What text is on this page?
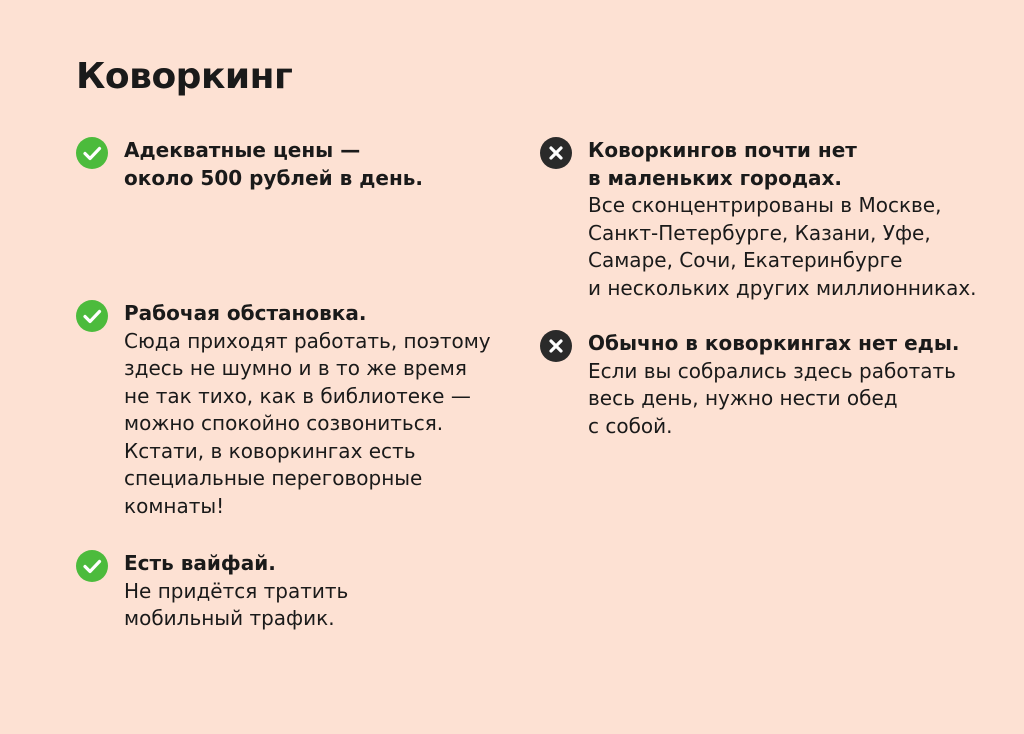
Коворкинг
Адекватные цены —
около 500 рублей в день.
Рабочая обстановка.
Сюда приходят работать, поэтому
здесь не шумно и в то же время
не так тихо, как в библиотеке —
можно спокойно созвониться.
Кстати, в коворкингах есть
специальные переговорные
комнаты!
Есть вайфай.
Не придётся тратить
мобильный трафик.
Коворкингов почти нет
в маленьких городах.
Все сконцентрированы в Москве,
Санкт-Петербурге, Казани, Уфе,
Самаре, Сочи, Екатеринбурге
и нескольких других миллионниках.
Обычно в коворкингах нет еды.
Если вы собрались здесь работать
весь день, нужно нести обед
с собой.
